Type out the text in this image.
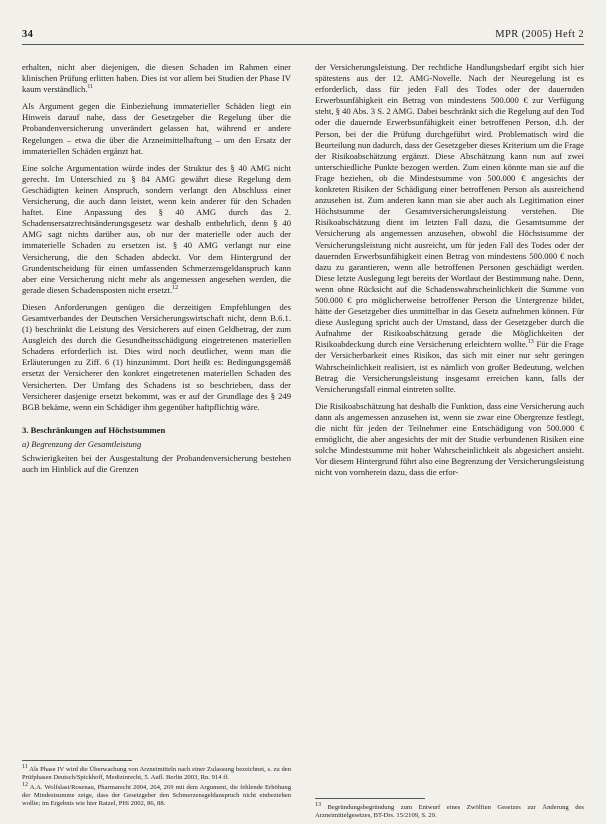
34	MPR (2005) Heft 2

erhalten, nicht aber diejenigen, die diesen Schaden im Rahmen einer klinischen Prüfung erlitten haben. Dies ist vor allem bei Studien der Phase IV kaum verständlich.$^{11}$

Als Argument gegen die Einbeziehung immaterieller Schäden liegt ein Hinweis darauf nahe, dass der Gesetzgeber die Regelung über die Probandenversicherung unverändert gelassen hat, während er andere Regelungen – etwa die über die Arzneimittelhaftung – um den Ersatz der immateriellen Schäden ergänzt hat.

Eine solche Argumentation würde indes der Struktur des § 40 AMG nicht gerecht. Im Unterschied zu § 84 AMG gewährt diese Regelung dem Geschädigten keinen Anspruch, sondern verlangt den Abschluss einer Versicherung, die auch dann leistet, wenn kein anderer für den Schaden haftet. Eine Anpassung des § 40 AMG durch das 2. Schadensersatzrechtsänderungsgesetz war deshalb entbehrlich, denn § 40 AMG sagt nichts darüber aus, ob nur der materielle oder auch der immaterielle Schaden zu ersetzen ist. § 40 AMG verlangt nur eine Versicherung, die den Schaden abdeckt. Vor dem Hintergrund der Grundentscheidung für einen umfassenden Schmerzensgeldanspruch kann aber eine Versicherung nicht mehr als angemessen angesehen werden, die gerade diesen Schadensposten nicht ersetzt.$^{12}$

Diesen Anforderungen genügen die derzeitigen Empfehlungen des Gesamtverbandes der Deutschen Versicherungswirtschaft nicht, denn B.6.1.(1) beschränkt die Leistung des Versicherers auf einen Geldbetrag, der zum Ausgleich des durch die Gesundheitsschädigung eingetretenen materiellen Schadens erforderlich ist. Dies wird noch deutlicher, wenn man die Erläuterungen zu Ziff. 6 (1) hinzunimmt. Dort heißt es: Bedingungsgemäß ersetzt der Versicherer den konkret eingetretenen materiellen Schaden des Versicherten. Der Umfang des Schadens ist so beschrieben, dass der Versicherer dasjenige ersetzt bekommt, was er auf der Grundlage des § 249 BGB bekäme, wenn ein Schädiger ihm gegenüber haftpflichtig wäre.

3. Beschränkungen auf Höchstsummen
a) Begrenzung der Gesamtleistung

Schwierigkeiten bei der Ausgestaltung der Probandenversicherung bestehen auch im Hinblick auf die Grenzen

$^{11}$ Als Phase IV wird die Überwachung von Arzneimitteln nach einer Zulassung bezeichnet, s. zu den Prüfphasen Deutsch/Spickhoff, Medizinrecht, 5. Aufl. Berlin 2003, Rn. 914 ff.

$^{12}$ A.A. Wolfslast/Rosenau, Pharmarecht 2004, 264, 269 mit dem Argument, die fehlende Erhöhung der Mindestsumme zeige, dass der Gesetzgeber den Schmerzensgeldanspruch nicht einbeziehen wollte; im Ergebnis wie hier Ratzel, PHi 2002, 86, 88.

der Versicherungsleistung. Der rechtliche Handlungsbedarf ergibt sich hier spätestens aus der 12. AMG-Novelle. Nach der Neuregelung ist es erforderlich, dass für jeden Fall des Todes oder der dauernden Erwerbsunfähigkeit ein Betrag von mindestens 500.000 € zur Verfügung steht, § 40 Abs. 3 S. 2 AMG. Dabei beschränkt sich die Regelung auf den Tod oder die dauernde Erwerbsunfähigkeit einer betroffenen Person, d.h. der Person, bei der die Prüfung durchgeführt wird. Problematisch wird die Beurteilung nun dadurch, dass der Gesetzgeber dieses Kriterium um die Frage der Risikoabschätzung ergänzt. Diese Abschätzung kann nun auf zwei unterschiedliche Punkte bezogen werden. Zum einen könnte man sie auf die Frage beziehen, ob die Mindestsumme von 500.000 € angesichts der konkreten Risiken der Schädigung einer betroffenen Person als ausreichend anzusehen ist. Zum anderen kann man sie aber auch als Legitimation einer Höchstsumme der Gesamtversicherungsleistung verstehen. Die Risikoabschätzung dient im letzten Fall dazu, die Gesamtsumme der Versicherung als angemessen anzusehen, obwohl die Höchstsumme der Versicherungsleistung nicht ausreicht, um für jeden Fall des Todes oder der dauernden Erwerbsunfähigkeit einen Betrag von mindestens 500.000 € noch dazu zu garantieren, wenn alle betroffenen Personen geschädigt werden. Diese letzte Auslegung legt bereits der Wortlaut der Bestimmung nahe. Denn, wenn ohne Rücksicht auf die Schadenswahrscheinlichkeit die Summe von 500.000 € pro möglicherweise betroffener Person die Untergrenze bildet, hätte der Gesetzgeber dies unmittelbar in das Gesetz aufnehmen können. Für diese Auslegung spricht auch der Umstand, dass der Gesetzgeber durch die Aufnahme der Risikoabschätzung gerade die Möglichkeiten der Risikoabdeckung durch eine Versicherung erleichtern wollte.$^{13}$ Für die Frage der Versicherbarkeit eines Risikos, das sich mit einer nur sehr geringen Wahrscheinlichkeit realisiert, ist es nämlich von großer Bedeutung, welchen Betrag die Versicherungsleistung insgesamt erreichen kann, falls der Versicherungsfall einmal eintreten sollte.

Die Risikoabschätzung hat deshalb die Funktion, dass eine Versicherung auch dann als angemessen anzusehen ist, wenn sie zwar eine Obergrenze festlegt, die nicht für jeden der Teilnehmer eine Entschädigung von 500.000 € ermöglicht, die aber angesichts der mit der Studie verbundenen Risiken eine solche Mindestsumme mit hoher Wahrscheinlichkeit als abgesichert ansieht. Vor diesem Hintergrund führt also eine Begrenzung der Versicherungsleistung nicht von vornherein dazu, dass die erfor-

$^{13}$ Begründungsbegründung zum Entwurf eines Zwölften Gesetzes zur Änderung des Arzneimittelgesetzes, BT-Drs. 15/2109, S. 29.
